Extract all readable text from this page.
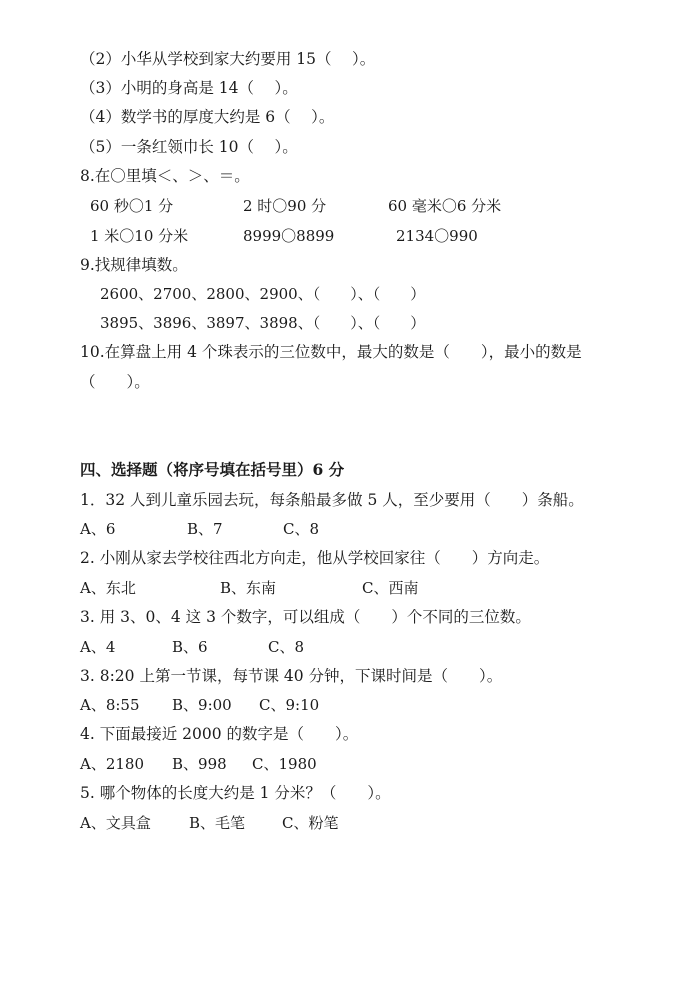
（2）小华从学校到家大约要用 15（　 ）。
（3）小明的身高是 14（　 ）。
（4）数学书的厚度大约是 6（　 ）。
（5）一条红领巾长 10（　 ）。
8.在〇里填＜、＞、＝。
60 秒〇1 分	2 时〇90 分	60 毫米〇6 分米
1 米〇10 分米	8999〇8899	2134〇990
9.找规律填数。
2600、2700、2800、2900、（　　）、（　　）
3895、3896、3897、3898、（　　）、（　　）
10.在算盘上用 4 个珠表示的三位数中，最大的数是（　　），最小的数是
（　　）。
四、选择题（将序号填在括号里）6 分
1．32 人到儿童乐园去玩，每条船最多做 5 人，至少要用（　　）条船。
A、6	B、7	C、8
2. 小刚从家去学校往西北方向走，他从学校回家往（　　）方向走。
A、东北	B、东南	C、西南
3. 用 3、0、4 这 3 个数字，可以组成（　　）个不同的三位数。
A、4	B、6	C、8
3. 8:20 上第一节课，每节课 40 分钟，下课时间是（　　）。
A、8:55 B、9:00 C、9:10
4. 下面最接近 2000 的数字是（　　）。
A、2180 B、998 C、1980
5. 哪个物体的长度大约是 1 分米？（　　）。
A、文具盒	B、毛笔 C、粉笔
